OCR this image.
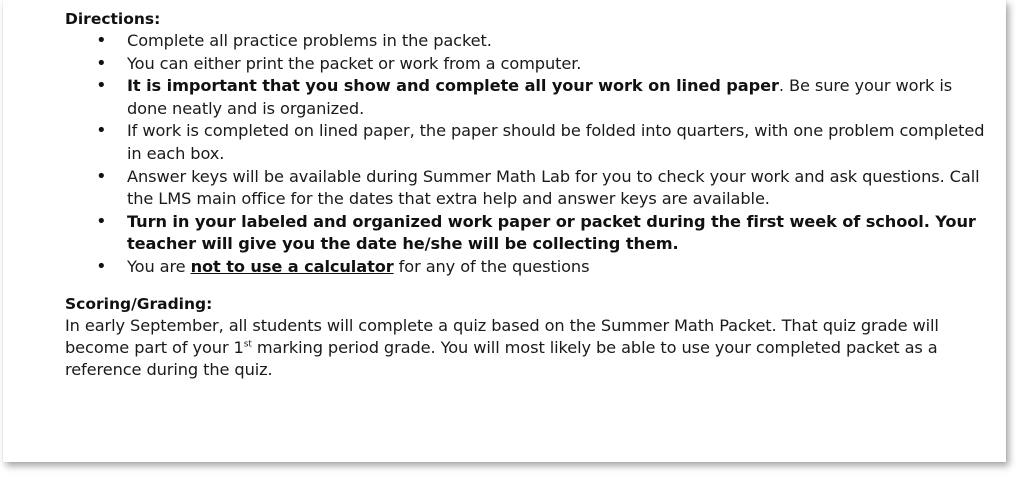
Directions:
• Complete all practice problems in the packet.
• You can either print the packet or work from a computer.
• It is important that you show and complete all your work on lined paper. Be sure your work is done neatly and is organized.
• If work is completed on lined paper, the paper should be folded into quarters, with one problem completed in each box.
• Answer keys will be available during Summer Math Lab for you to check your work and ask questions. Call the LMS main office for the dates that extra help and answer keys are available.
• Turn in your labeled and organized work paper or packet during the first week of school. Your teacher will give you the date he/she will be collecting them.
• You are not to use a calculator for any of the questions
Scoring/Grading:

In early September, all students will complete a quiz based on the Summer Math Packet. That quiz grade will become part of your 1st marking period grade. You will most likely be able to use your completed packet as a reference during the quiz.
